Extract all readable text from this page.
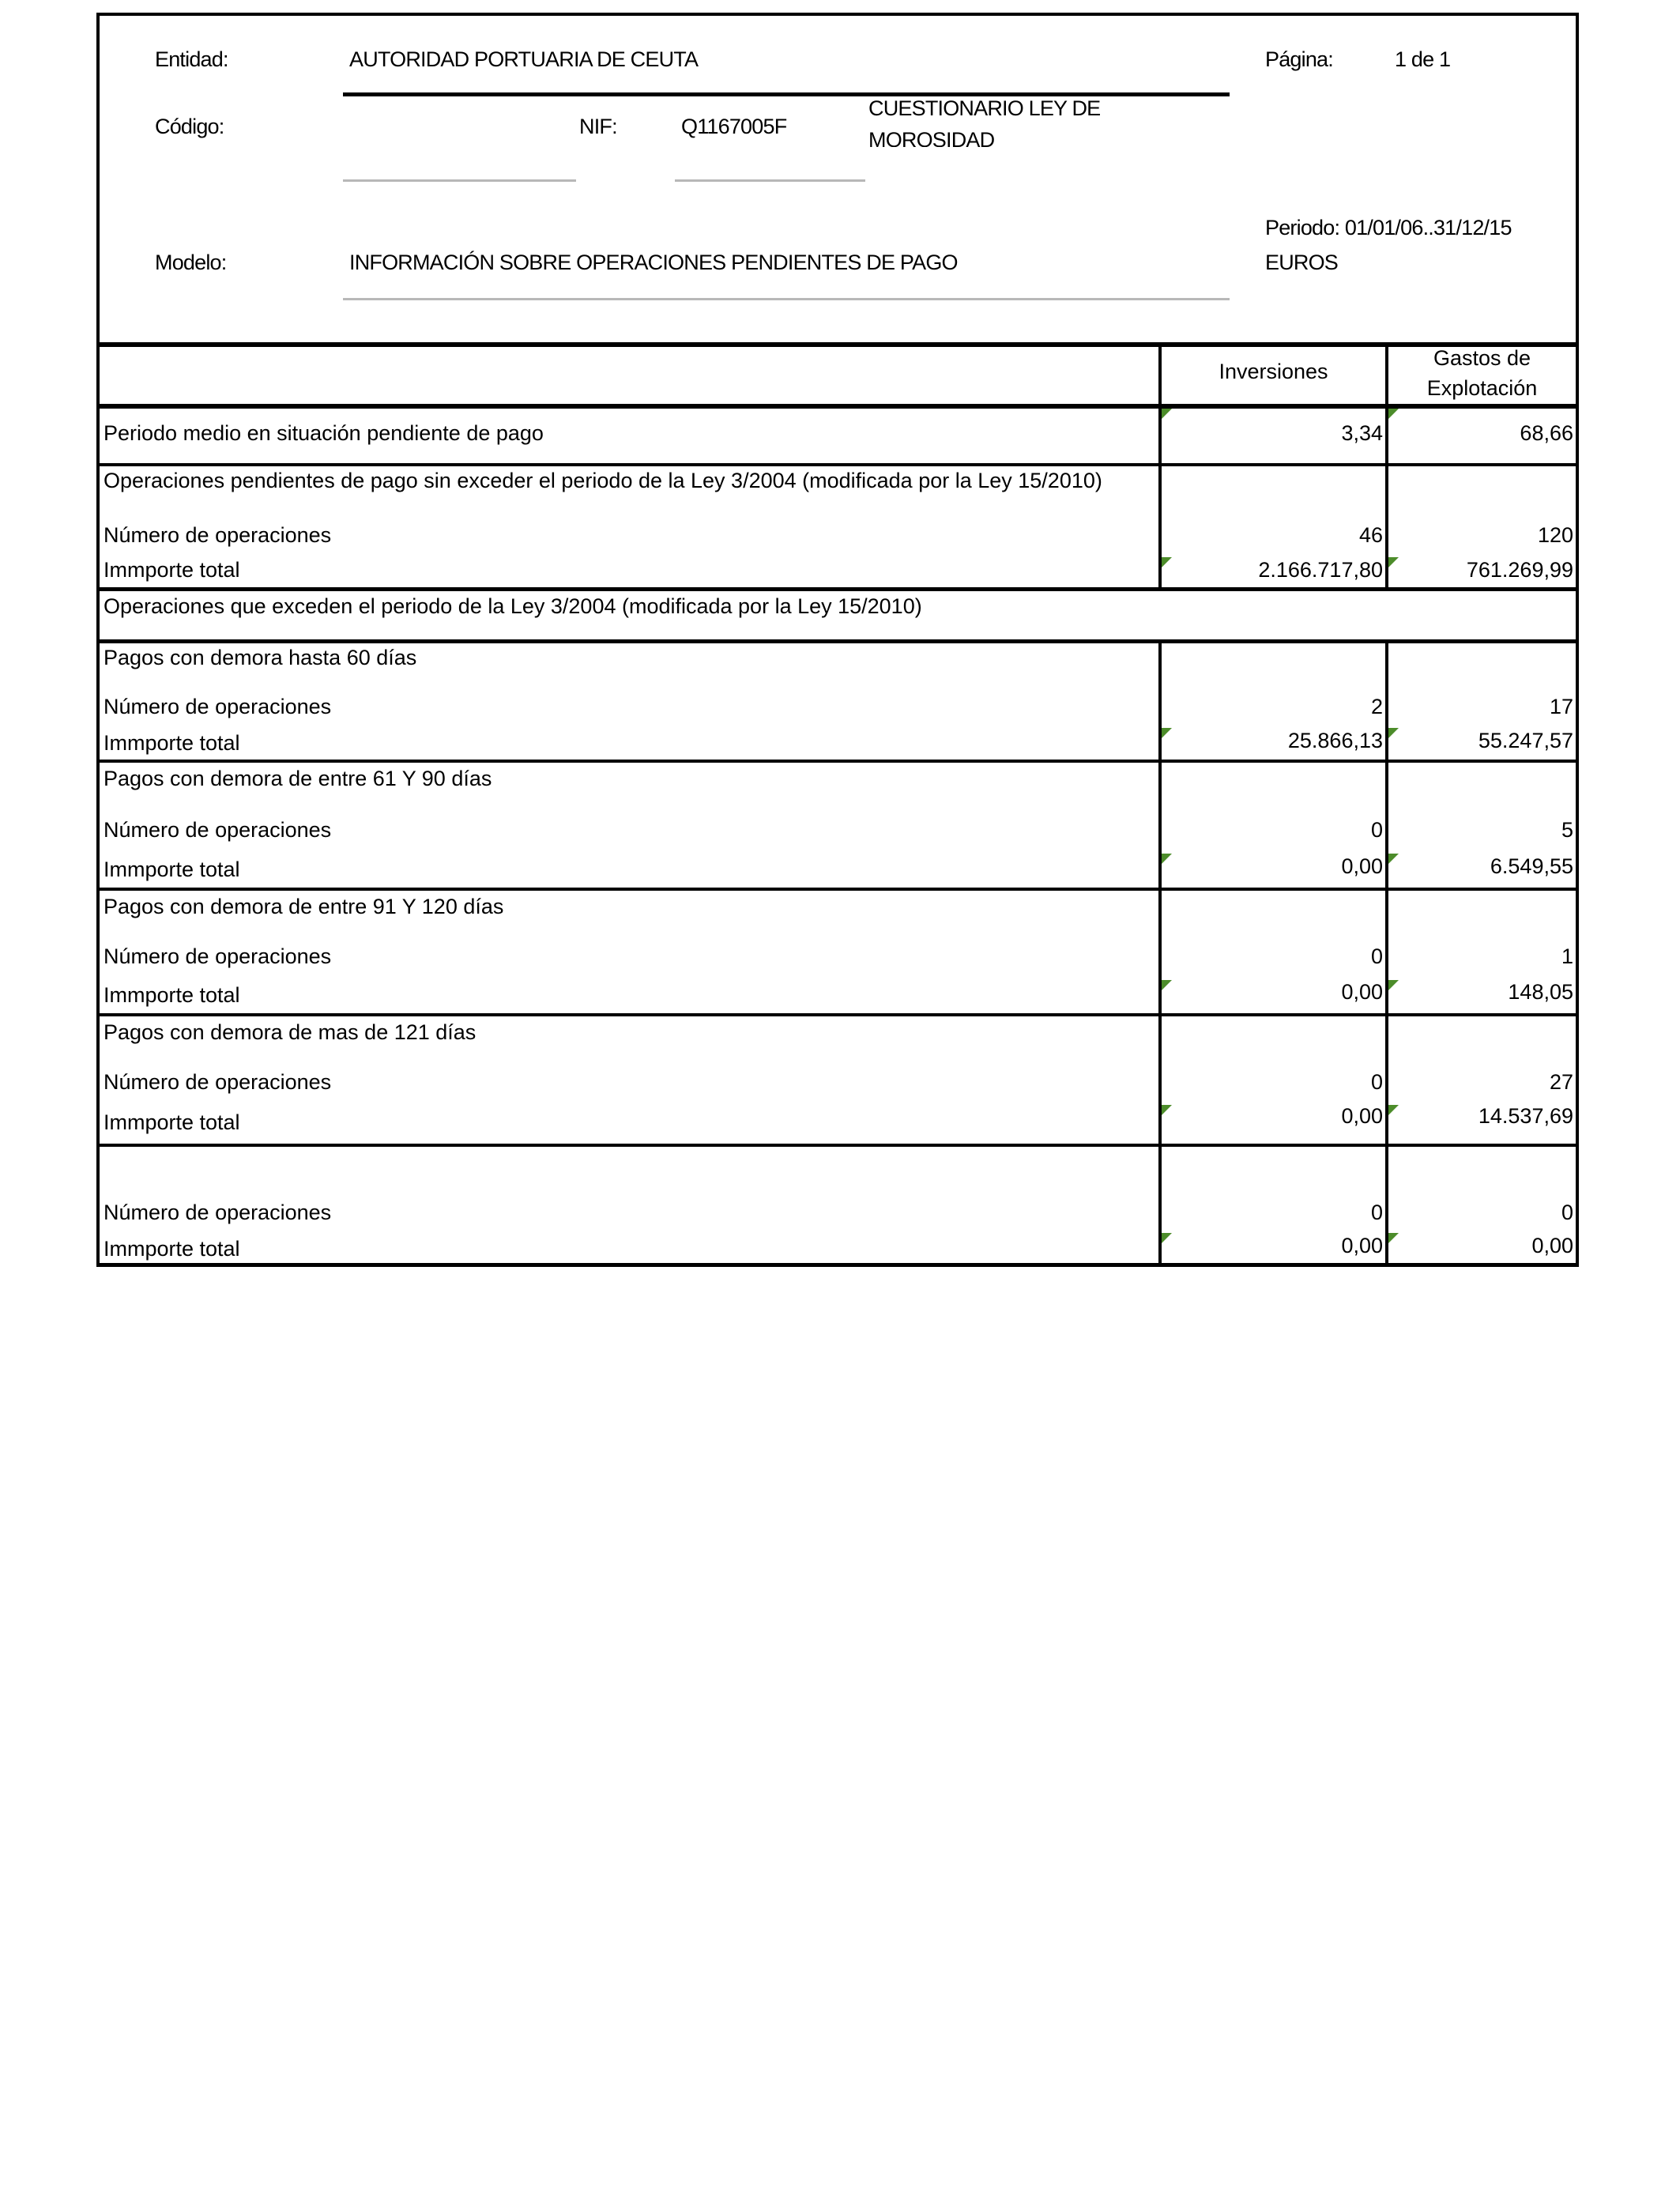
Entidad:	AUTORIDAD PORTUARIA DE CEUTA	Página:	1 de 1
Código:	NIF:	Q1167005F
CUESTIONARIO LEY DE
MOROSIDAD
Periodo: 01/01/06..31/12/15
Modelo:	INFORMACIÓN SOBRE OPERACIONES PENDIENTES DE PAGO	EUROS
Inversiones
Gastos de
Explotación
Periodo medio en situación pendiente de pago	3,34	68,66
Operaciones pendientes de pago sin exceder el periodo de la Ley 3/2004 (modificada por la Ley 15/2010)
Número de operaciones	46	120
Immporte total	2.166.717,80	761.269,99
Operaciones que exceden el periodo de la Ley 3/2004 (modificada por la Ley 15/2010)
Pagos con demora hasta 60 días
Número de operaciones	2	17
Immporte total	25.866,13	55.247,57
Pagos con demora de entre 61 Y 90 días
Número de operaciones	0	5
Immporte total	0,00	6.549,55
Pagos con demora de entre 91 Y 120 días
Número de operaciones	0	1
Immporte total	0,00	148,05
Pagos con demora de mas de 121 días
Número de operaciones	0	27
Immporte total	0,00	14.537,69
Número de operaciones	0	0
Immporte total	0,00	0,00
